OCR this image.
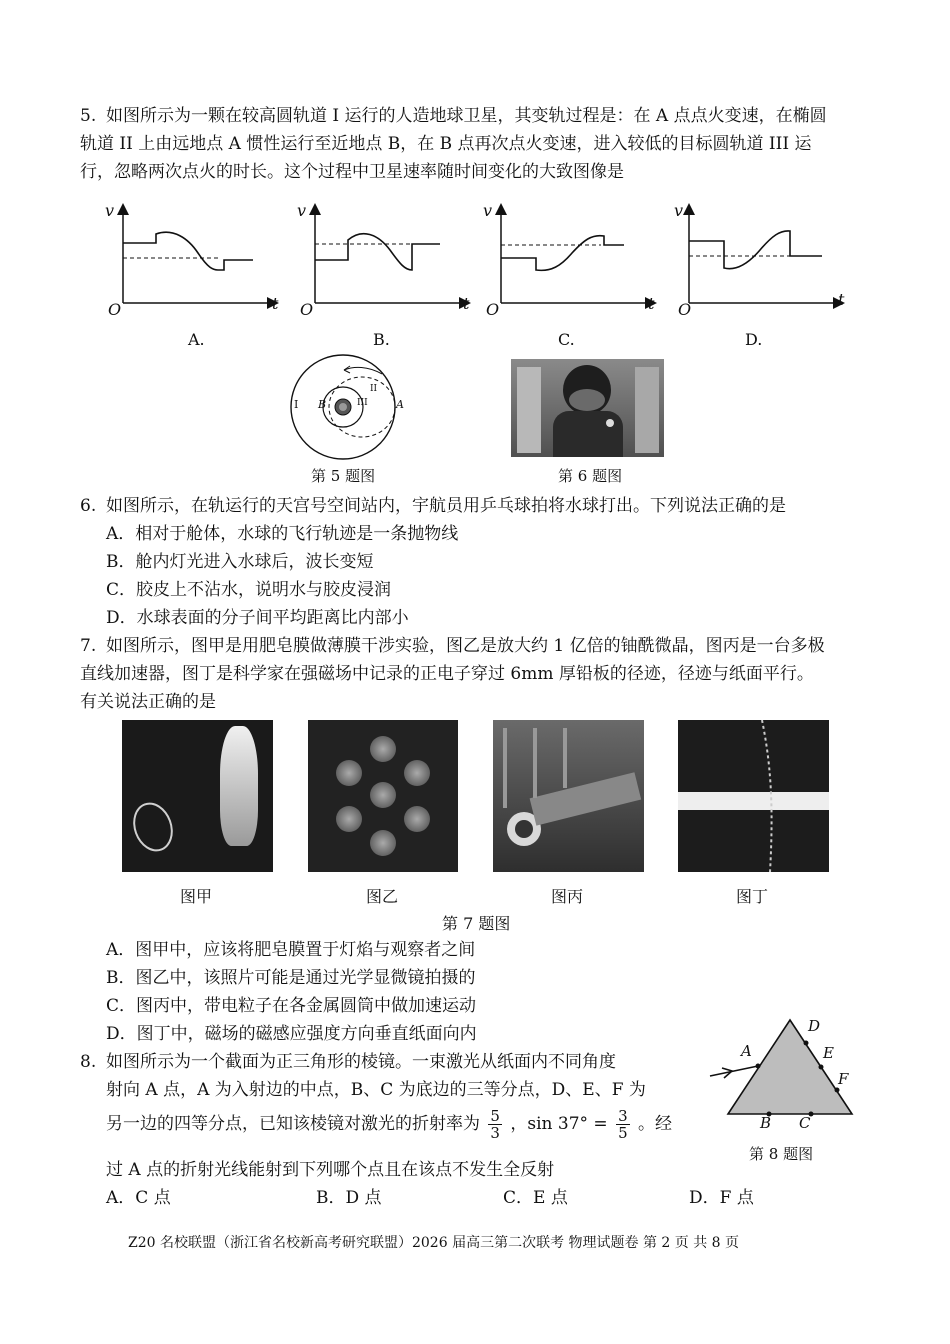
5. 如图所示为一颗在较高圆轨道 I 运行的人造地球卫星，其变轨过程是：在 A 点点火变速，在椭圆
轨道 II 上由远地点 A 惯性运行至近地点 B，在 B 点再次点火变速，进入较低的目标圆轨道 III 运
行，忽略两次点火的时长。这个过程中卫星速率随时间变化的大致图像是
v
t
O
v
t
O
v
t
O
v
t
O
A.	B.	C.	D.
I B	III
II
A
第 5 题图	第 6 题图
6. 如图所示，在轨运行的天宫号空间站内，宇航员用乒乓球拍将水球打出。下列说法正确的是
A．相对于舱体，水球的飞行轨迹是一条抛物线
B．舱内灯光进入水球后，波长变短
C．胶皮上不沾水，说明水与胶皮浸润
D．水球表面的分子间平均距离比内部小
7. 如图所示，图甲是用肥皂膜做薄膜干涉实验，图乙是放大约 1 亿倍的铀酰微晶，图丙是一台多极
直线加速器，图丁是科学家在强磁场中记录的正电子穿过 6mm 厚铅板的径迹，径迹与纸面平行。
有关说法正确的是
图甲	图乙	图丙	图丁
第 7 题图
A．图甲中，应该将肥皂膜置于灯焰与观察者之间
B．图乙中，该照片可能是通过光学显微镜拍摄的
C．图丙中，带电粒子在各金属圆筒中做加速运动
D．图丁中，磁场的磁感应强度方向垂直纸面向内
8. 如图所示为一个截面为正三角形的棱镜。一束激光从纸面内不同角度
射向 A 点，A 为入射边的中点，B、C 为底边的三等分点，D、E、F 为
另一边的四等分点，已知该棱镜对激光的折射率为 $\frac{5}{3}$ ，$\sin 37^\circ = \frac{3}{5}$ 。经
过 A 点的折射光线能射到下列哪个点且在该点不发生全反射
A．C 点	B．D 点	C．E 点	D．F 点
A
D
E
F
B C
第 8 题图
Z20 名校联盟（浙江省名校新高考研究联盟）2026 届高三第二次联考 物理试题卷 第 2 页 共 8 页
